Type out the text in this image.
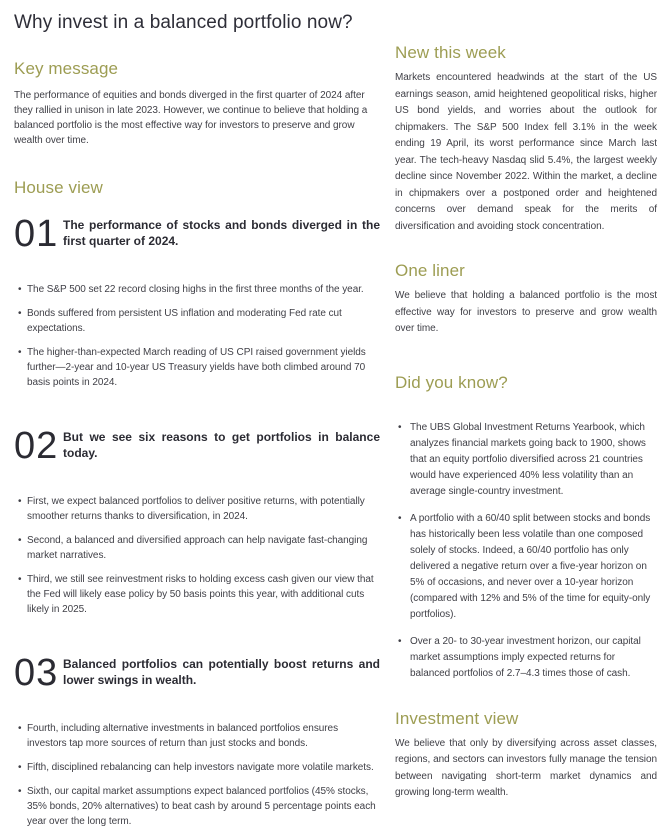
Why invest in a balanced portfolio now?
Key message

The performance of equities and bonds diverged in the first quarter of 2024 after they rallied in unison in late 2023. However, we continue to believe that holding a balanced portfolio is the most effective way for investors to preserve and grow wealth over time.

House view
01 The performance of stocks and bonds diverged in the first quarter of 2024.
• The S&P 500 set 22 record closing highs in the first three months of the year.
• Bonds suffered from persistent US inflation and moderating Fed rate cut expectations.
• The higher-than-expected March reading of US CPI raised government yields further—2-year and 10-year US Treasury yields have both climbed around 70 basis points in 2024.
02 But we see six reasons to get portfolios in balance today.
• First, we expect balanced portfolios to deliver positive returns, with potentially smoother returns thanks to diversification, in 2024.
• Second, a balanced and diversified approach can help navigate fast-changing market narratives.
• Third, we still see reinvestment risks to holding excess cash given our view that the Fed will likely ease policy by 50 basis points this year, with additional cuts likely in 2025.
03 Balanced portfolios can potentially boost returns and lower swings in wealth.
• Fourth, including alternative investments in balanced portfolios ensures investors tap more sources of return than just stocks and bonds.
• Fifth, disciplined rebalancing can help investors navigate more volatile markets.
• Sixth, our capital market assumptions expect balanced portfolios (45% stocks, 35% bonds, 20% alternatives) to beat cash by around 5 percentage points each year over the long term.
New this week

Markets encountered headwinds at the start of the US earnings season, amid heightened geopolitical risks, higher US bond yields, and worries about the outlook for chipmakers. The S&P 500 Index fell 3.1% in the week ending 19 April, its worst performance since March last year. The tech-heavy Nasdaq slid 5.4%, the largest weekly decline since November 2022. Within the market, a decline in chipmakers over a postponed order and heightened concerns over demand speak for the merits of diversification and avoiding stock concentration.

One liner

We believe that holding a balanced portfolio is the most effective way for investors to preserve and grow wealth over time.

Did you know?
• The UBS Global Investment Returns Yearbook, which analyzes financial markets going back to 1900, shows that an equity portfolio diversified across 21 countries would have experienced 40% less volatility than an average single-country investment.
• A portfolio with a 60/40 split between stocks and bonds has historically been less volatile than one composed solely of stocks. Indeed, a 60/40 portfolio has only delivered a negative return over a five-year horizon on 5% of occasions, and never over a 10-year horizon (compared with 12% and 5% of the time for equity-only portfolios).
• Over a 20- to 30-year investment horizon, our capital market assumptions imply expected returns for balanced portfolios of 2.7–4.3 times those of cash.
Investment view

We believe that only by diversifying across asset classes, regions, and sectors can investors fully manage the tension between navigating short-term market dynamics and growing long-term wealth.
